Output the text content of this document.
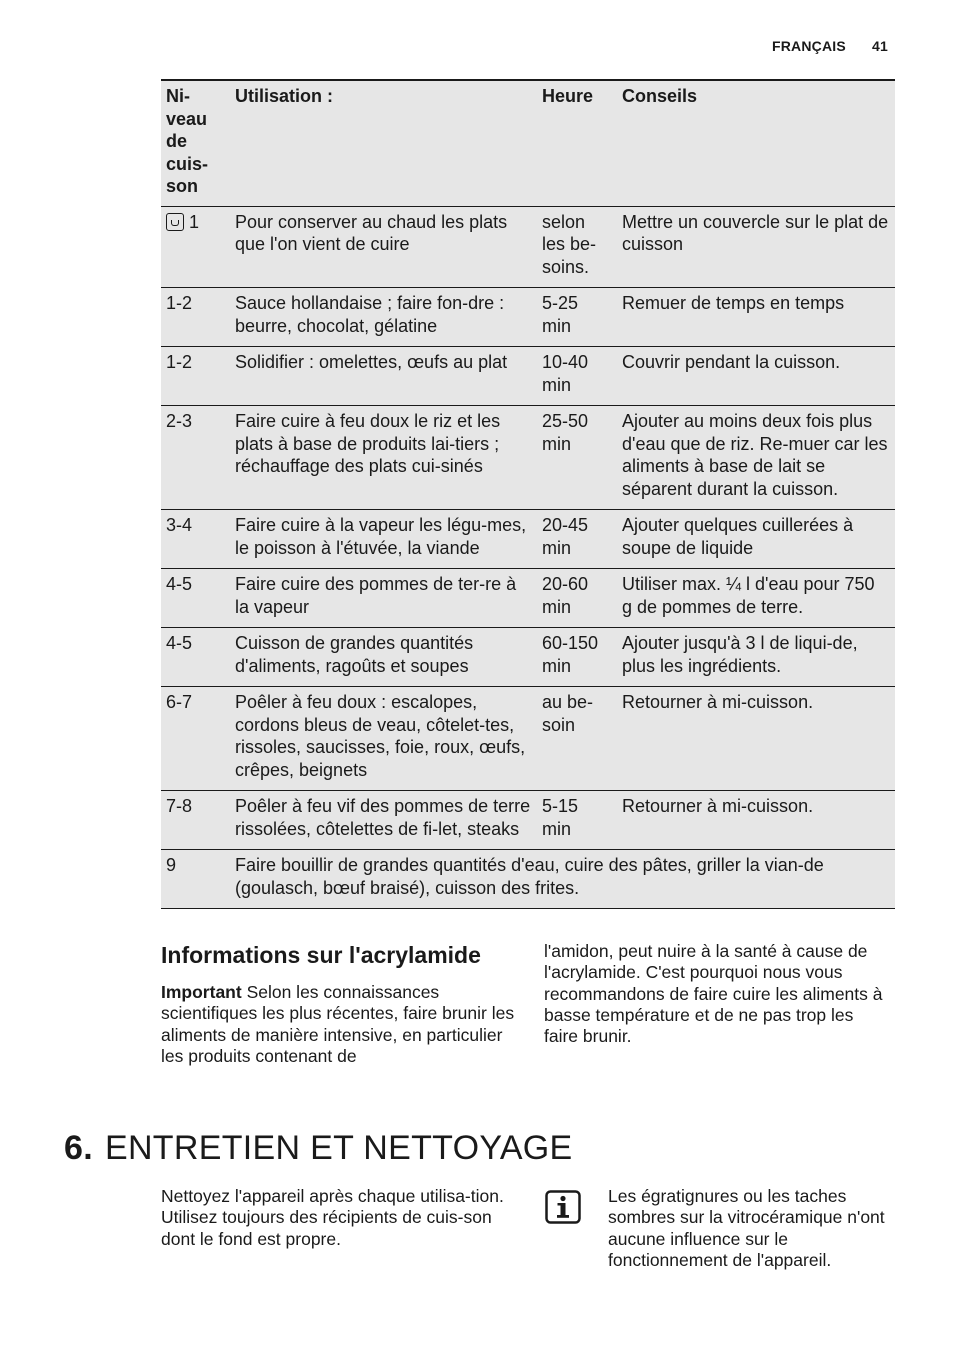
FRANÇAIS 41
Ni-
veau
de
cuis-
son	Utilisation :	Heure	Conseils
1	Pour conserver au chaud les plats que l'on vient de cuire	selon les be-soins.	Mettre un couvercle sur le plat de cuisson
1-2	Sauce hollandaise ; faire fon-dre : beurre, chocolat, gélatine	5-25 min	Remuer de temps en temps
1-2	Solidifier : omelettes, œufs au plat	10-40 min	Couvrir pendant la cuisson.
2-3	Faire cuire à feu doux le riz et les plats à base de produits lai-tiers ; réchauffage des plats cui-sinés	25-50 min	Ajouter au moins deux fois plus d'eau que de riz. Re-muer car les aliments à base de lait se séparent durant la cuisson.
3-4	Faire cuire à la vapeur les légu-mes, le poisson à l'étuvée, la viande	20-45 min	Ajouter quelques cuillerées à soupe de liquide
4-5	Faire cuire des pommes de ter-re à la vapeur	20-60 min	Utiliser max. ¼ l d'eau pour 750 g de pommes de terre.
4-5	Cuisson de grandes quantités d'aliments, ragoûts et soupes	60-150 min	Ajouter jusqu'à 3 l de liqui-de, plus les ingrédients.
6-7	Poêler à feu doux : escalopes, cordons bleus de veau, côtelet-tes, rissoles, saucisses, foie, roux, œufs, crêpes, beignets	au be-soin	Retourner à mi-cuisson.
7-8	Poêler à feu vif des pommes de terre rissolées, côtelettes de fi-let, steaks	5-15 min	Retourner à mi-cuisson.
9	Faire bouillir de grandes quantités d'eau, cuire des pâtes, griller la vian-de (goulasch, bœuf braisé), cuisson des frites.		
Informations sur l'acrylamide

Important Selon les connaissances scientifiques les plus récentes, faire brunir les aliments de manière intensive, en particulier les produits contenant de

l'amidon, peut nuire à la santé à cause de l'acrylamide. C'est pourquoi nous vous recommandons de faire cuire les aliments à basse température et de ne pas trop les faire brunir.

6. ENTRETIEN ET NETTOYAGE

Nettoyez l'appareil après chaque utilisa-tion.

Utilisez toujours des récipients de cuis-son dont le fond est propre.

Les égratignures ou les taches sombres sur la vitrocéramique n'ont aucune influence sur le fonctionnement de l'appareil.
